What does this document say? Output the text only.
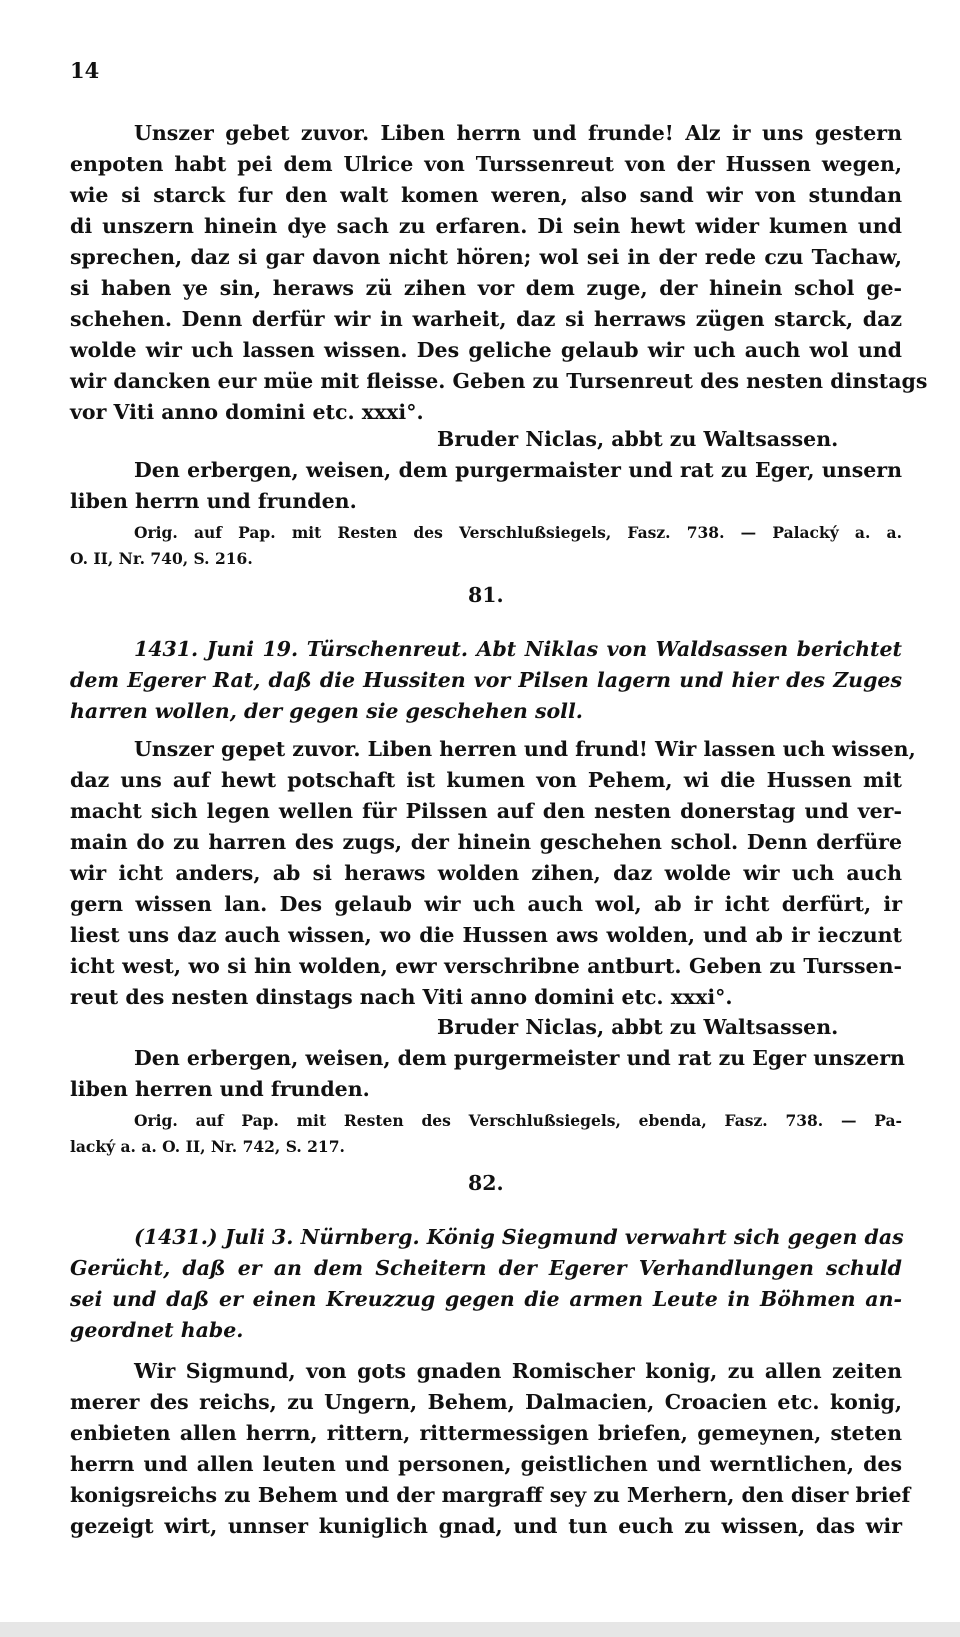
14
Unszer gebet zuvor. Liben herrn und frunde! Alz ir uns gestern
enpoten habt pei dem Ulrice von Turssenreut von der Hussen wegen,
wie si starck fur den walt komen weren, also sand wir von stundan
di unszern hinein dye sach zu erfaren. Di sein hewt wider kumen und
sprechen, daz si gar davon nicht hören; wol sei in der rede czu Tachaw,
si haben ye sin, heraws zü zihen vor dem zuge, der hinein schol ge-
schehen. Denn derfür wir in warheit, daz si herraws zügen starck, daz
wolde wir uch lassen wissen. Des geliche gelaub wir uch auch wol und
wir dancken eur müe mit fleisse. Geben zu Tursenreut des nesten dinstags
vor Viti anno domini etc. xxxi°.
Bruder Niclas, abbt zu Waltsassen.
Den erbergen, weisen, dem purgermaister und rat zu Eger, unsern
liben herrn und frunden.
Orig. auf Pap. mit Resten des Verschlußsiegels, Fasz. 738. — Palacký a. a.
O. II, Nr. 740, S. 216.
81.
1431. Juni 19. Türschenreut. Abt Niklas von Waldsassen berichtet
dem Egerer Rat, daß die Hussiten vor Pilsen lagern und hier des Zuges
harren wollen, der gegen sie geschehen soll.
Unszer gepet zuvor. Liben herren und frund! Wir lassen uch wissen,
daz uns auf hewt potschaft ist kumen von Pehem, wi die Hussen mit
macht sich legen wellen für Pilssen auf den nesten donerstag und ver-
main do zu harren des zugs, der hinein geschehen schol. Denn derfüre
wir icht anders, ab si heraws wolden zihen, daz wolde wir uch auch
gern wissen lan. Des gelaub wir uch auch wol, ab ir icht derfürt, ir
liest uns daz auch wissen, wo die Hussen aws wolden, und ab ir ieczunt
icht west, wo si hin wolden, ewr verschribne antburt. Geben zu Turssen-
reut des nesten dinstags nach Viti anno domini etc. xxxi°.
Bruder Niclas, abbt zu Waltsassen.
Den erbergen, weisen, dem purgermeister und rat zu Eger unszern
liben herren und frunden.
Orig. auf Pap. mit Resten des Verschlußsiegels, ebenda, Fasz. 738. — Pa-
lacký a. a. O. II, Nr. 742, S. 217.
82.
(1431.) Juli 3. Nürnberg. König Siegmund verwahrt sich gegen das
Gerücht, daß er an dem Scheitern der Egerer Verhandlungen schuld
sei und daß er einen Kreuzzug gegen die armen Leute in Böhmen an-
geordnet habe.
Wir Sigmund, von gots gnaden Romischer konig, zu allen zeiten
merer des reichs, zu Ungern, Behem, Dalmacien, Croacien etc. konig,
enbieten allen herrn, rittern, rittermessigen briefen, gemeynen, steten
herrn und allen leuten und personen, geistlichen und werntlichen, des
konigsreichs zu Behem und der margraff sey zu Merhern, den diser brief
gezeigt wirt, unnser kuniglich gnad, und tun euch zu wissen, das wir
